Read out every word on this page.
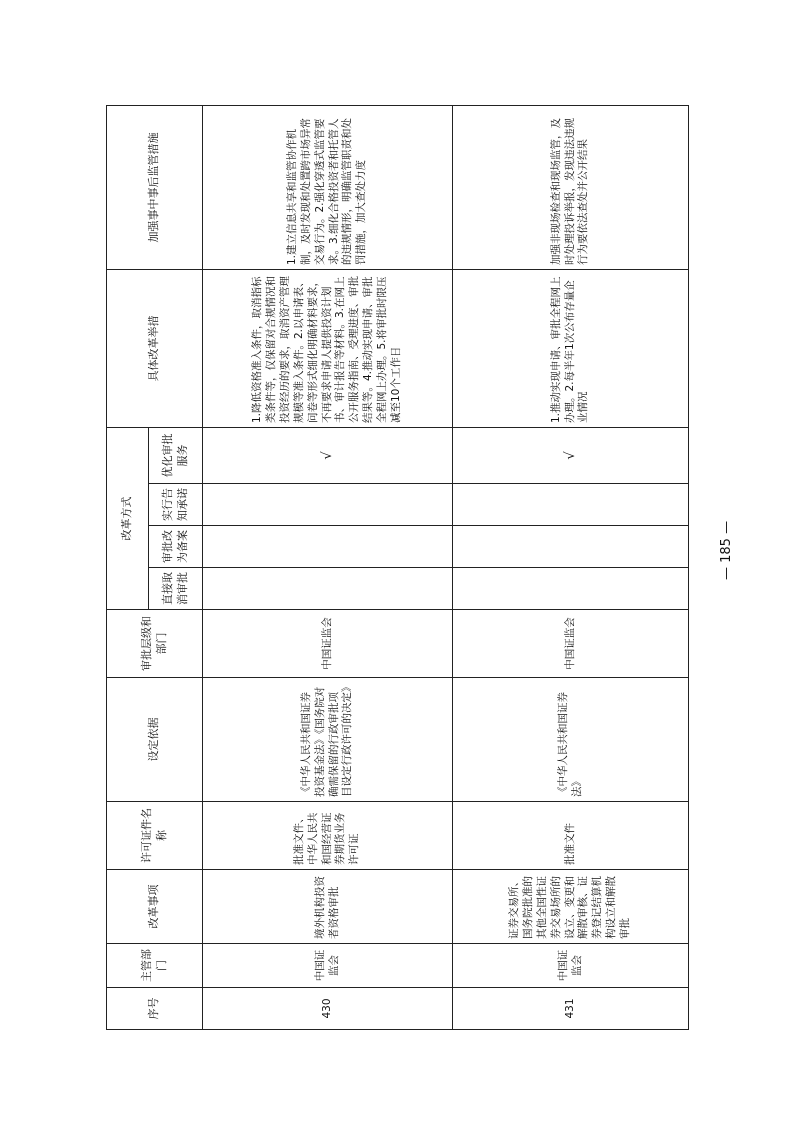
序号	主管部门	改革事项	许可证件名称	设定依据	审批层级和部门	改革方式				具体改革举措	加强事中事后监管措施
						直接取消审批	审批改为备案	实行告知承诺	优化审批服务		
430	中国证监会	境外机构投资者资格审批	批准文件、中华人民共和国经营证券期货业务许可证	《中华人民共和国证券投资基金法》《国务院对确需保留的行政审批项目设定行政许可的决定》	中国证监会				√	1.降低资格准入条件，取消指标类条件等，仅保留对合规情况和投资经历的要求，取消资产管理规模等准入条件。2.以申请表、问卷等形式细化明确材料要求，不再要求申请人提供投资计划书、审计报告等材料。3.在网上公开服务指南、受理进度、审批结果等。4.推动实现申请、审批全程网上办理。5.将审批时限压减至10个工作日	1.建立信息共享和监管协作机制，及时发现和处置跨市场异常交易行为。2.强化穿透式监管要求。3.细化合格投资者和托管人的违规情形，明确监管职责和处罚措施，加大查处力度
431	中国证监会	证券交易所、国务院批准的其他全国性证券交易场所的设立、变更和解散审核、证券登记结算机构设立和解散审批	批准文件	《中华人民共和国证券法》	中国证监会				√	1.推动实现申请、审批全程网上办理。2.每半年1次公布存量企业情况	加强非现场检查和现场监管，及时处理投诉举报，发现违法违规行为要依法查处并公开结果
— 185 —
